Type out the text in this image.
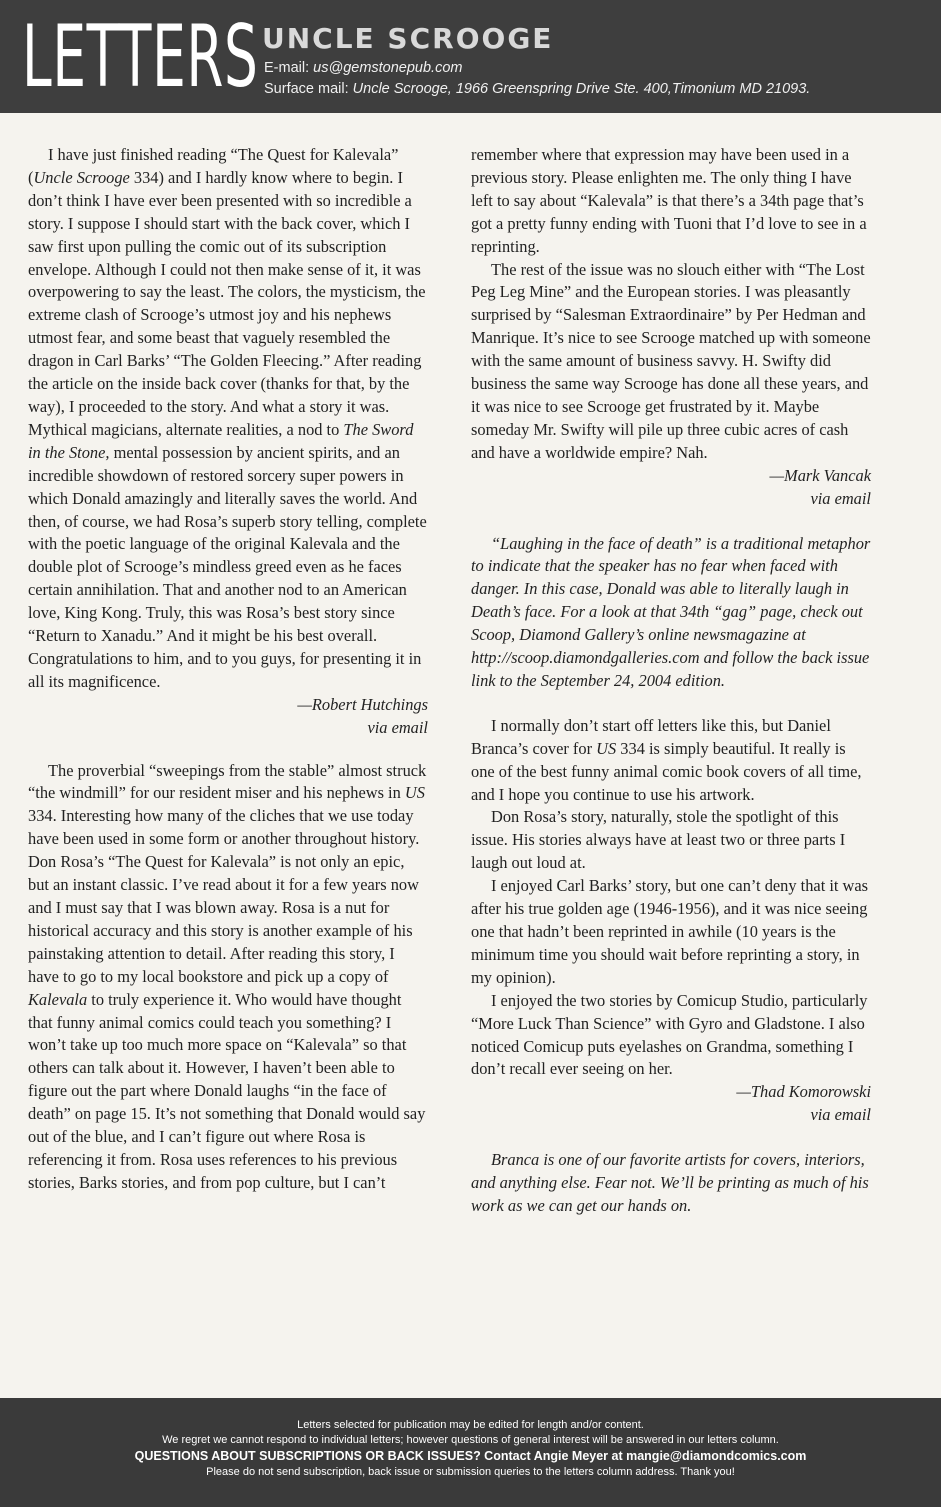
LETTERS UNCLE SCROOGE
E-mail: us@gemstonepub.com
Surface mail: Uncle Scrooge, 1966 Greenspring Drive Ste. 400,Timonium MD 21093.

I have just finished reading “The Quest for Kalevala” (Uncle Scrooge 334) and I hardly know where to begin. I don’t think I have ever been presented with so incredible a story. I suppose I should start with the back cover, which I saw first upon pulling the comic out of its subscription envelope. Although I could not then make sense of it, it was overpowering to say the least. The colors, the mysticism, the extreme clash of Scrooge’s utmost joy and his nephews utmost fear, and some beast that vaguely resembled the dragon in Carl Barks’ “The Golden Fleecing.” After reading the article on the inside back cover (thanks for that, by the way), I proceeded to the story. And what a story it was. Mythical magicians, alternate realities, a nod to The Sword in the Stone, mental possession by ancient spirits, and an incredible showdown of restored sorcery super powers in which Donald amazingly and literally saves the world. And then, of course, we had Rosa’s superb story telling, complete with the poetic language of the original Kalevala and the double plot of Scrooge’s mindless greed even as he faces certain annihilation. That and another nod to an American love, King Kong. Truly, this was Rosa’s best story since “Return to Xanadu.” And it might be his best overall. Congratulations to him, and to you guys, for presenting it in all its magnificence.

—Robert Hutchings

via email

The proverbial “sweepings from the stable” almost struck “the windmill” for our resident miser and his nephews in US 334. Interesting how many of the cliches that we use today have been used in some form or another throughout history. Don Rosa’s “The Quest for Kalevala” is not only an epic, but an instant classic. I’ve read about it for a few years now and I must say that I was blown away. Rosa is a nut for historical accuracy and this story is another example of his painstaking attention to detail. After reading this story, I have to go to my local bookstore and pick up a copy of Kalevala to truly experience it. Who would have thought that funny animal comics could teach you something? I won’t take up too much more space on “Kalevala” so that others can talk about it. However, I haven’t been able to figure out the part where Donald laughs “in the face of death” on page 15. It’s not something that Donald would say out of the blue, and I can’t figure out where Rosa is referencing it from. Rosa uses references to his previous stories, Barks stories, and from pop culture, but I can’t

remember where that expression may have been used in a previous story. Please enlighten me. The only thing I have left to say about “Kalevala” is that there’s a 34th page that’s got a pretty funny ending with Tuoni that I’d love to see in a reprinting.

The rest of the issue was no slouch either with “The Lost Peg Leg Mine” and the European stories. I was pleasantly surprised by “Salesman Extraordinaire” by Per Hedman and Manrique. It’s nice to see Scrooge matched up with someone with the same amount of business savvy. H. Swifty did business the same way Scrooge has done all these years, and it was nice to see Scrooge get frustrated by it. Maybe someday Mr. Swifty will pile up three cubic acres of cash and have a worldwide empire? Nah.

—Mark Vancak

via email

“Laughing in the face of death” is a traditional metaphor to indicate that the speaker has no fear when faced with danger. In this case, Donald was able to literally laugh in Death’s face. For a look at that 34th “gag” page, check out Scoop, Diamond Gallery’s online newsmagazine at http://scoop.diamondgalleries.com and follow the back issue link to the September 24, 2004 edition.

I normally don’t start off letters like this, but Daniel Branca’s cover for US 334 is simply beautiful. It really is one of the best funny animal comic book covers of all time, and I hope you continue to use his artwork.

Don Rosa’s story, naturally, stole the spotlight of this issue. His stories always have at least two or three parts I laugh out loud at.

I enjoyed Carl Barks’ story, but one can’t deny that it was after his true golden age (1946-1956), and it was nice seeing one that hadn’t been reprinted in awhile (10 years is the minimum time you should wait before reprinting a story, in my opinion).

I enjoyed the two stories by Comicup Studio, particularly “More Luck Than Science” with Gyro and Gladstone. I also noticed Comicup puts eyelashes on Grandma, something I don’t recall ever seeing on her.

—Thad Komorowski

via email

Branca is one of our favorite artists for covers, interiors, and anything else. Fear not. We’ll be printing as much of his work as we can get our hands on.

Letters selected for publication may be edited for length and/or content.
We regret we cannot respond to individual letters; however questions of general interest will be answered in our letters column.
QUESTIONS ABOUT SUBSCRIPTIONS OR BACK ISSUES? Contact Angie Meyer at mangie@diamondcomics.com
Please do not send subscription, back issue or submission queries to the letters column address. Thank you!
